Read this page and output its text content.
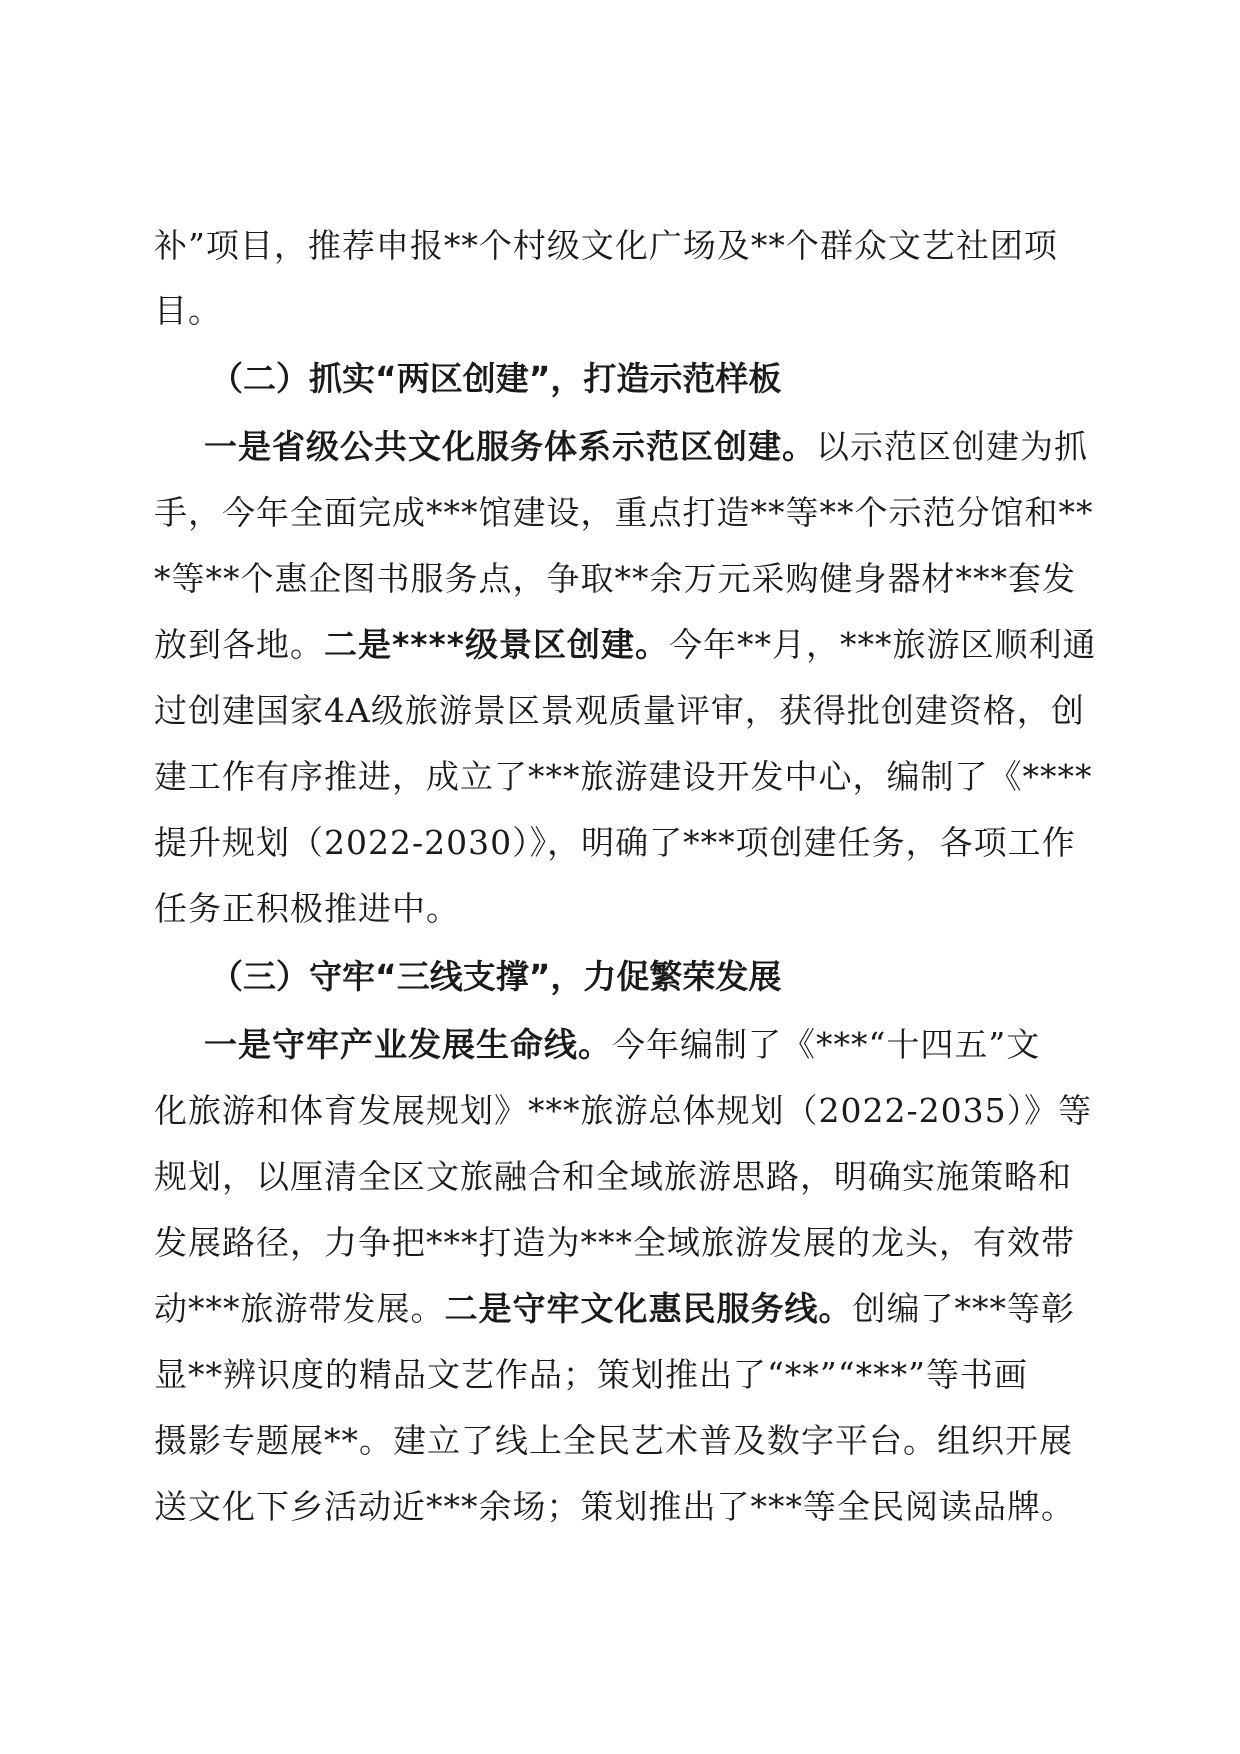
补”项目，推荐申报**个村级文化广场及**个群众文艺社团项
目。
（二）抓实“两区创建”，打造示范样板
一是省级公共文化服务体系示范区创建。以示范区创建为抓
手，今年全面完成***馆建设，重点打造**等**个示范分馆和**
*等**个惠企图书服务点，争取**余万元采购健身器材***套发
放到各地。二是****级景区创建。今年**月，***旅游区顺利通
过创建国家4A级旅游景区景观质量评审，获得批创建资格，创
建工作有序推进，成立了***旅游建设开发中心，编制了《****
提升规划（2022-2030）》，明确了***项创建任务，各项工作
任务正积极推进中。
（三）守牢“三线支撑”，力促繁荣发展
一是守牢产业发展生命线。今年编制了《***“十四五”文
化旅游和体育发展规划》***旅游总体规划（2022-2035）》等
规划，以厘清全区文旅融合和全域旅游思路，明确实施策略和
发展路径，力争把***打造为***全域旅游发展的龙头，有效带
动***旅游带发展。二是守牢文化惠民服务线。创编了***等彰
显**辨识度的精品文艺作品；策划推出了“**”“***”等书画
摄影专题展**。建立了线上全民艺术普及数字平台。组织开展
送文化下乡活动近***余场；策划推出了***等全民阅读品牌。
